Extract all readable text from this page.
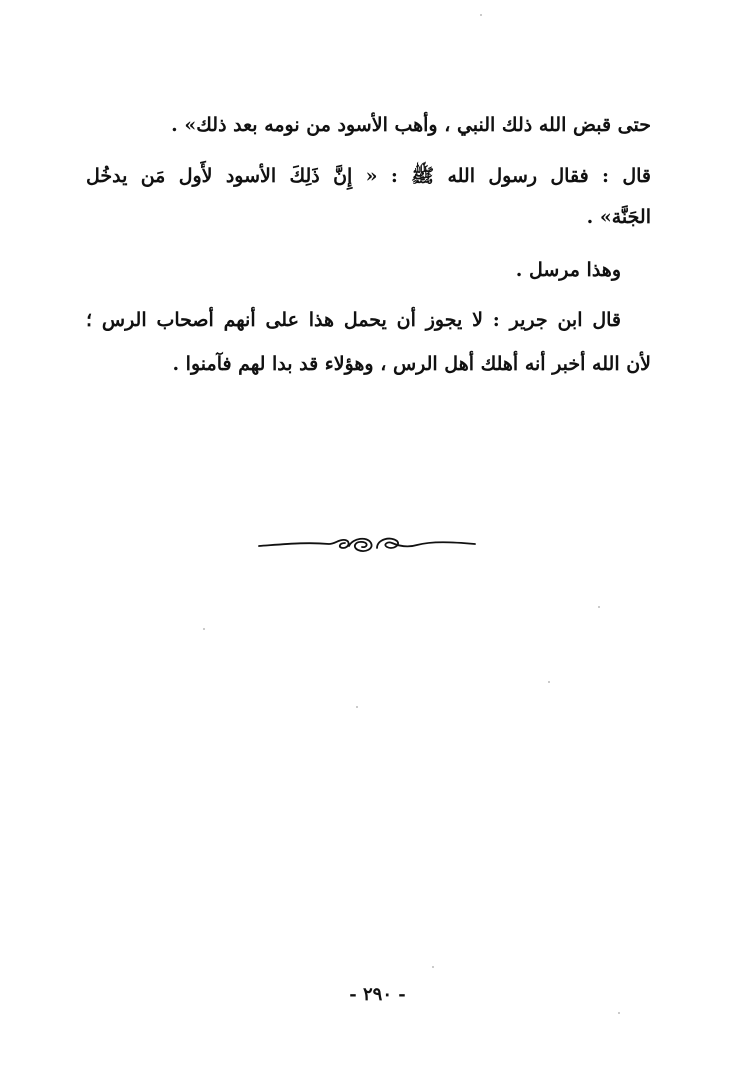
حتى قبض الله ذلك النبي ، وأهب الأسود من نومه بعد ذلك» .
قال : فقال رسول الله ﷺ : « إِنَّ ذَلِكَ الأسود لأَول مَن يدخُل
الجَنَّة» .
وهذا مرسل .
قال ابن جرير : لا يجوز أن يحمل هذا على أنهم أصحاب الرس ؛
لأن الله أخبر أنه أهلك أهل الرس ، وهؤلاء قد بدا لهم فآمنوا .
- ٢٩٠ -
